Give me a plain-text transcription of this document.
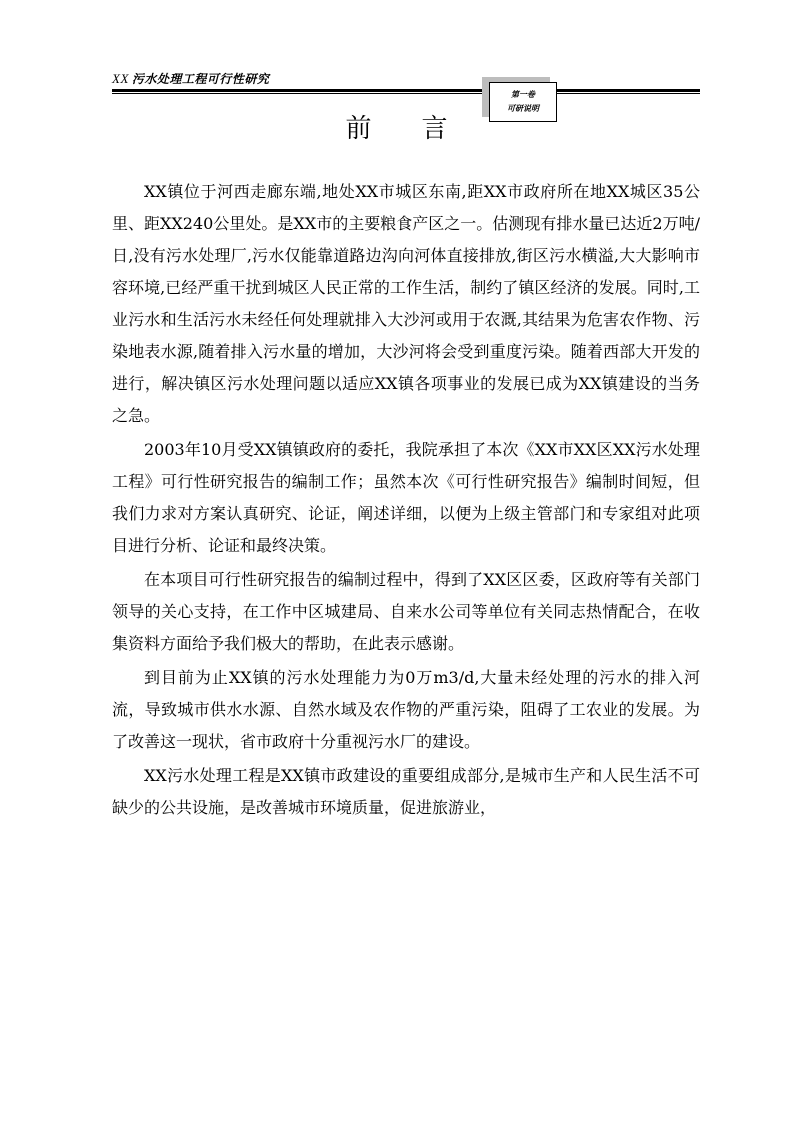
XX 污水处理工程可行性研究
第一卷
可研说明
前言

XX镇位于河西走廊东端,地处XX市城区东南,距XX市政府所在地XX城区35公里、距XX240公里处。是XX市的主要粮食产区之一。估测现有排水量已达近2万吨/日,没有污水处理厂,污水仅能靠道路边沟向河体直接排放,街区污水横溢,大大影响市容环境,已经严重干扰到城区人民正常的工作生活，制约了镇区经济的发展。同时,工业污水和生活污水未经任何处理就排入大沙河或用于农溉,其结果为危害农作物、污染地表水源,随着排入污水量的增加，大沙河将会受到重度污染。随着西部大开发的进行，解决镇区污水处理问题以适应XX镇各项事业的发展已成为XX镇建设的当务之急。

2003年10月受XX镇镇政府的委托，我院承担了本次《XX市XX区XX污水处理工程》可行性研究报告的编制工作；虽然本次《可行性研究报告》编制时间短，但我们力求对方案认真研究、论证，阐述详细，以便为上级主管部门和专家组对此项目进行分析、论证和最终决策。

在本项目可行性研究报告的编制过程中，得到了XX区区委，区政府等有关部门领导的关心支持，在工作中区城建局、自来水公司等单位有关同志热情配合，在收集资料方面给予我们极大的帮助，在此表示感谢。

到目前为止XX镇的污水处理能力为0万m3/d,大量未经处理的污水的排入河流，导致城市供水水源、自然水域及农作物的严重污染，阻碍了工农业的发展。为了改善这一现状，省市政府十分重视污水厂的建设。

XX污水处理工程是XX镇市政建设的重要组成部分,是城市生产和人民生活不可缺少的公共设施，是改善城市环境质量，促进旅游业，
